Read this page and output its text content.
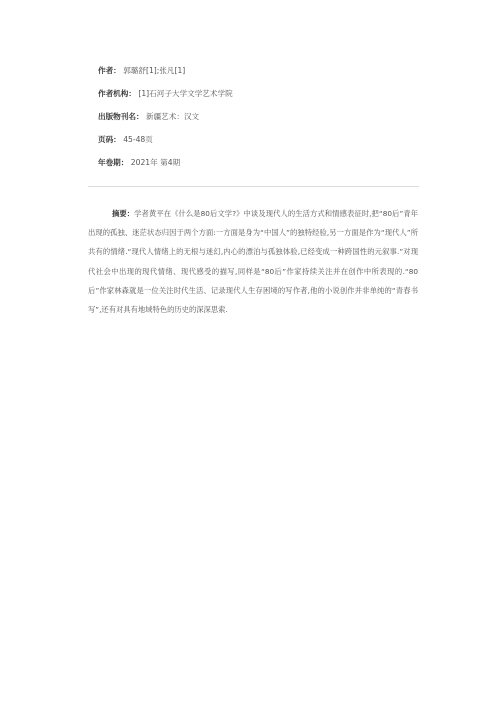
作者： 郭璐舒[1];张凡[1]
作者机构： [1]石河子大学文学艺术学院
出版物刊名： 新疆艺术：汉文
页码： 45-48页
年卷期： 2021年 第4期
摘要：学者黄平在《什么是80后文学?》中谈及现代人的生活方式和情感表征时,把“80后”青年出现的孤独、迷茫状态归因于两个方面:一方面是身为“中国人”的独特经验,另一方面是作为“现代人”所共有的情绪.“现代人情绪上的无根与迷幻,内心的漂泊与孤独体验,已经变成一种跨国性的元叙事.”对现代社会中出现的现代情绪、现代感受的描写,同样是“80后”作家持续关注并在创作中所表现的.“80后”作家林森就是一位关注时代生活、记录现代人生存困境的写作者,他的小说创作并非单纯的“青春书写”,还有对具有地域特色的历史的深深思索.
